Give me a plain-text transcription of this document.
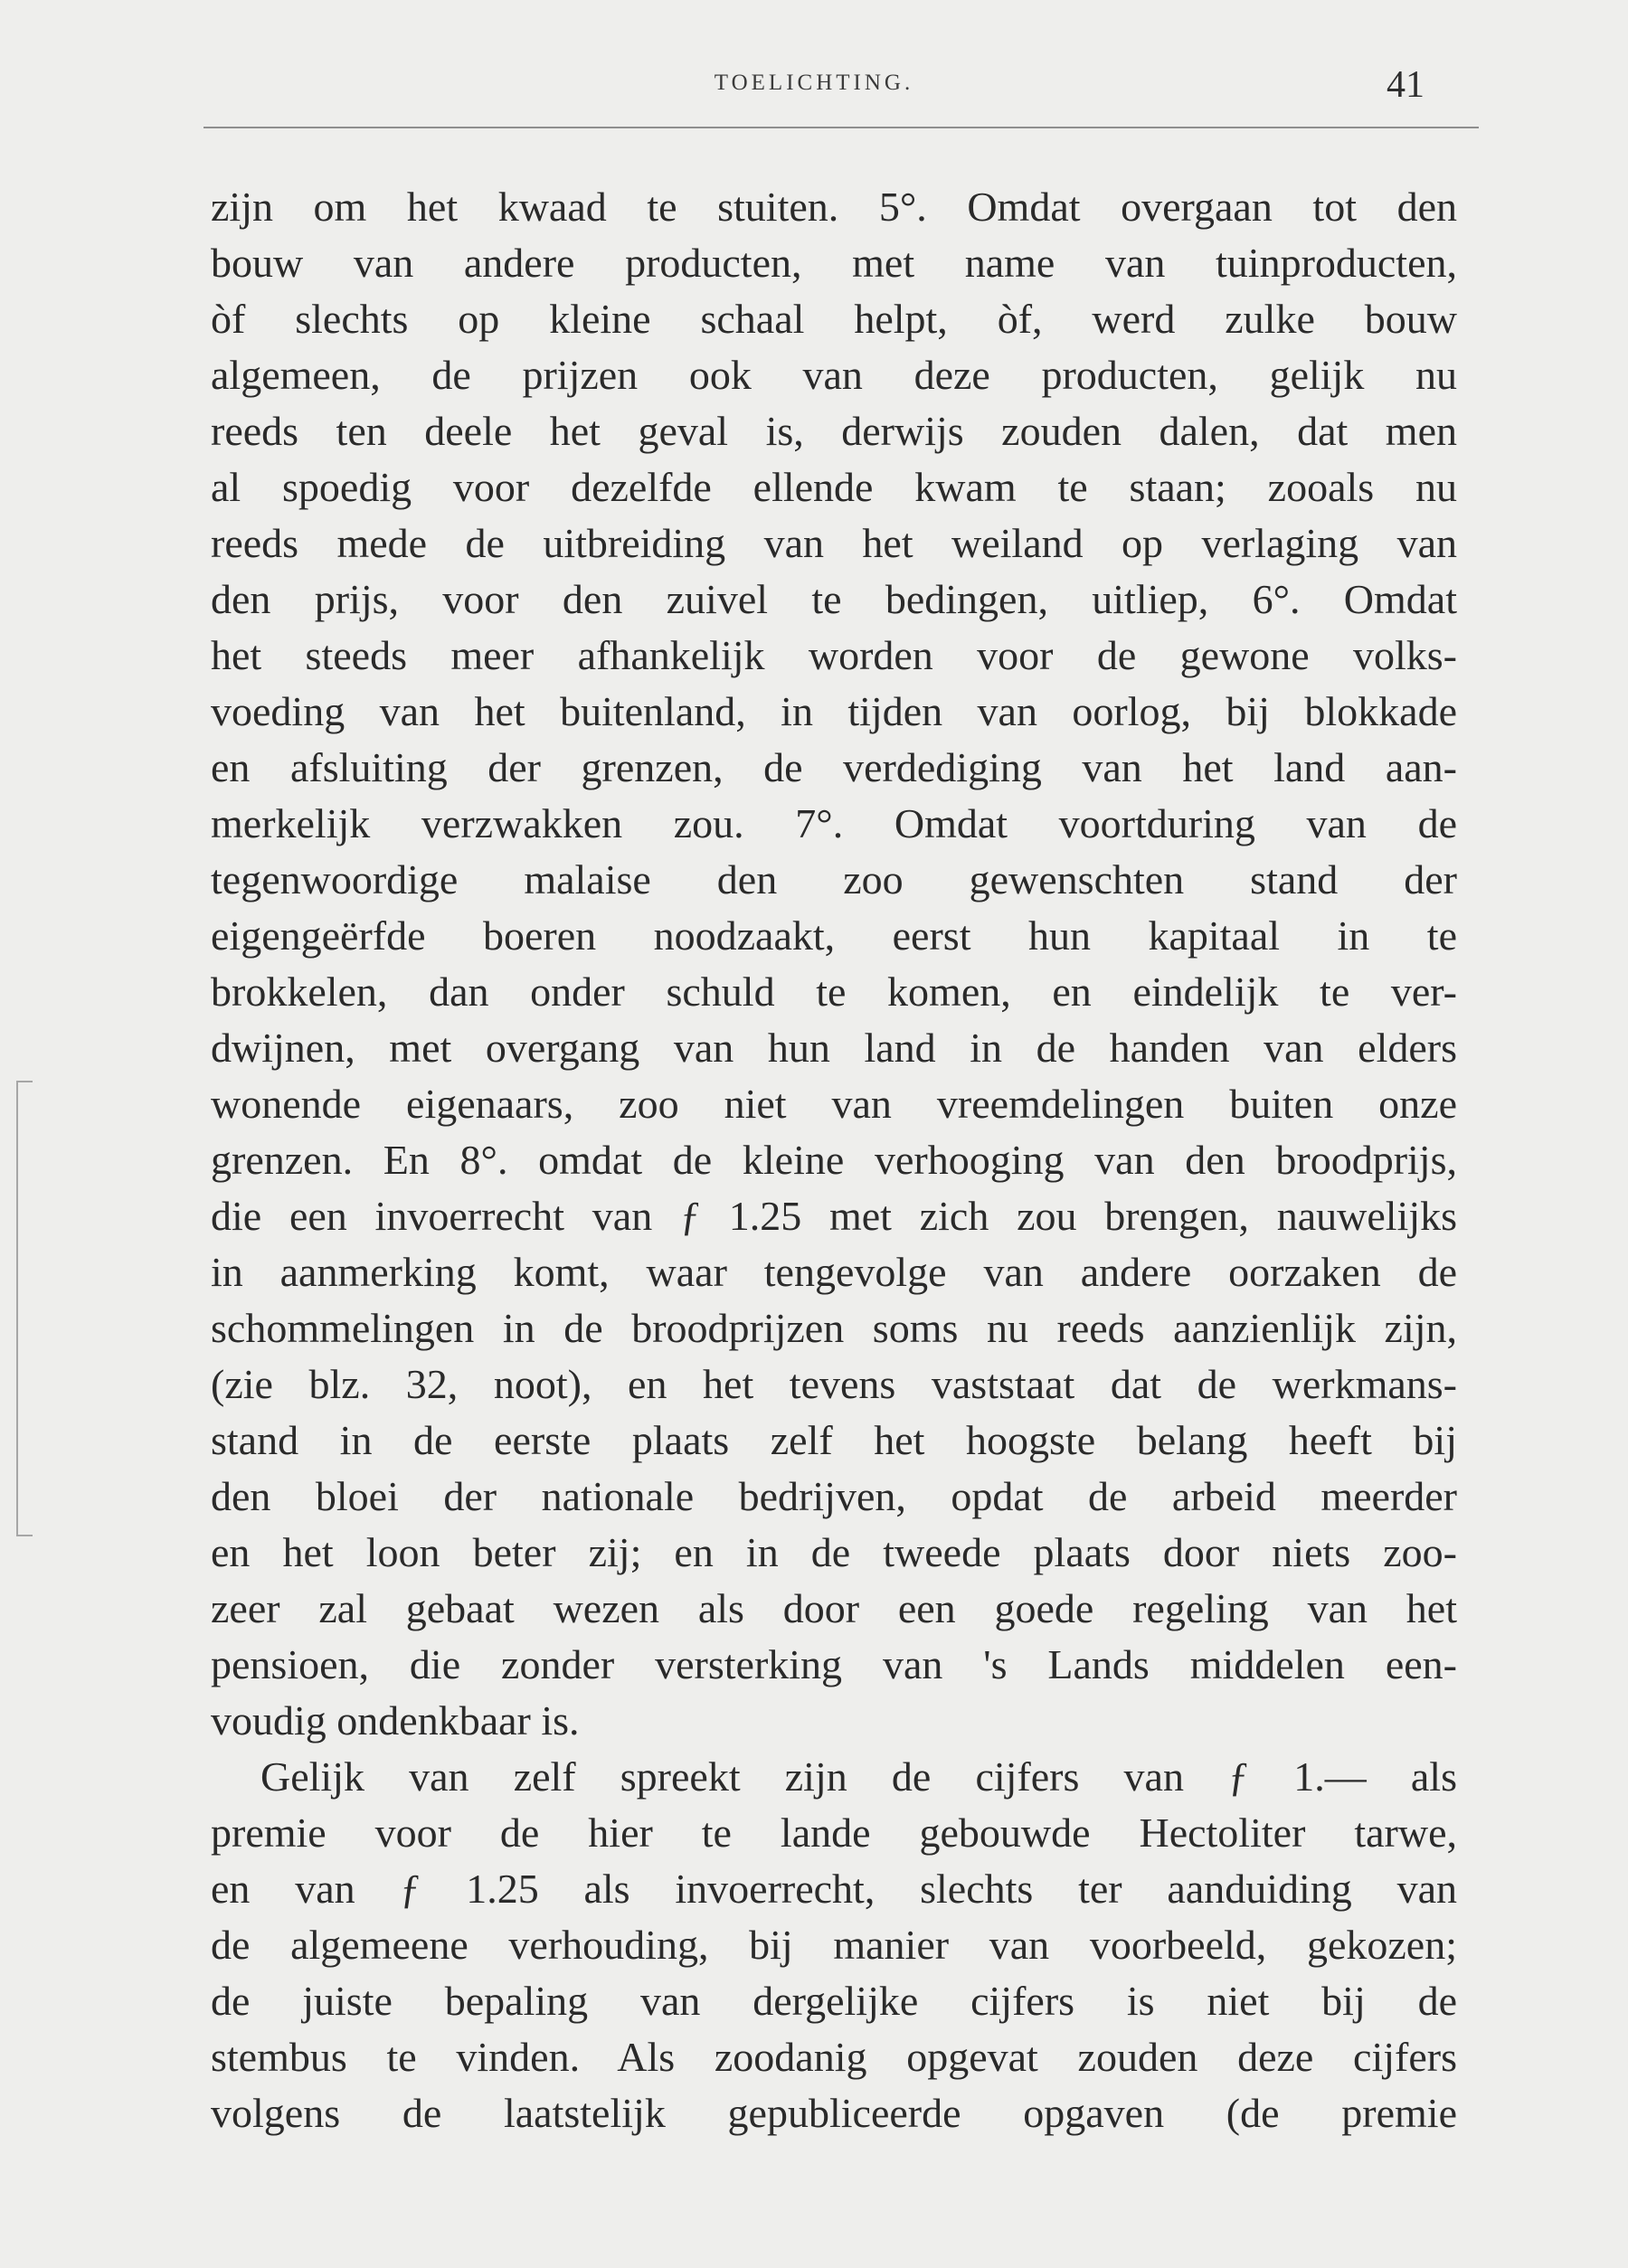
TOELICHTING.	41
zijn om het kwaad te stuiten. 5°. Omdat overgaan tot den
bouw van andere producten, met name van tuinproducten,
òf slechts op kleine schaal helpt, òf, werd zulke bouw
algemeen, de prijzen ook van deze producten, gelijk nu
reeds ten deele het geval is, derwijs zouden dalen, dat men
al spoedig voor dezelfde ellende kwam te staan; zooals nu
reeds mede de uitbreiding van het weiland op verlaging van
den prijs, voor den zuivel te bedingen, uitliep, 6°. Omdat
het steeds meer afhankelijk worden voor de gewone volks-
voeding van het buitenland, in tijden van oorlog, bij blokkade
en afsluiting der grenzen, de verdediging van het land aan-
merkelijk verzwakken zou. 7°. Omdat voortduring van de
tegenwoordige malaise den zoo gewenschten stand der
eigengeërfde boeren noodzaakt, eerst hun kapitaal in te
brokkelen, dan onder schuld te komen, en eindelijk te ver-
dwijnen, met overgang van hun land in de handen van elders
wonende eigenaars, zoo niet van vreemdelingen buiten onze
grenzen. En 8°. omdat de kleine verhooging van den broodprijs,
die een invoerrecht van ƒ 1.25 met zich zou brengen, nauwelijks
in aanmerking komt, waar tengevolge van andere oorzaken de
schommelingen in de broodprijzen soms nu reeds aanzienlijk zijn,
(zie blz. 32, noot), en het tevens vaststaat dat de werkmans-
stand in de eerste plaats zelf het hoogste belang heeft bij
den bloei der nationale bedrijven, opdat de arbeid meerder
en het loon beter zij; en in de tweede plaats door niets zoo-
zeer zal gebaat wezen als door een goede regeling van het
pensioen, die zonder versterking van 's Lands middelen een-
voudig ondenkbaar is.
Gelijk van zelf spreekt zijn de cijfers van ƒ 1.— als
premie voor de hier te lande gebouwde Hectoliter tarwe,
en van ƒ 1.25 als invoerrecht, slechts ter aanduiding van
de algemeene verhouding, bij manier van voorbeeld, gekozen;
de juiste bepaling van dergelijke cijfers is niet bij de
stembus te vinden. Als zoodanig opgevat zouden deze cijfers
volgens de laatstelijk gepubliceerde opgaven (de premie
